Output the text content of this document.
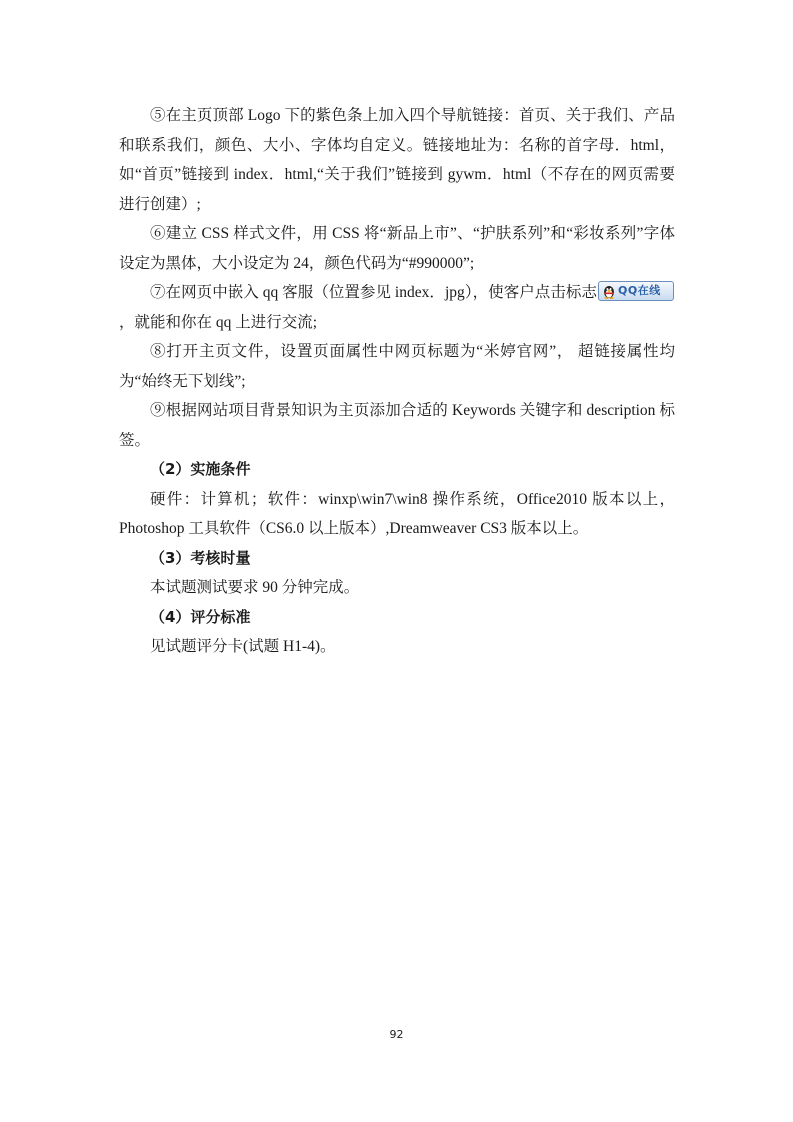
⑤在主页顶部 Logo 下的紫色条上加入四个导航链接：首页、关于我们、产品和联系我们，颜色、大小、字体均自定义。链接地址为：名称的首字母．html，如“首页”链接到 index．html,“关于我们”链接到 gywm．html（不存在的网页需要进行创建）;

⑥建立 CSS 样式文件，用 CSS 将“新品上市”、“护肤系列”和“彩妆系列”字体设定为黑体，大小设定为 24，颜色代码为“#990000”;

⑦在网页中嵌入 qq 客服（位置参见 index．jpg），使客户点击标志 QQ在线
，就能和你在 qq 上进行交流;

⑧打开主页文件，设置页面属性中网页标题为“米婷官网”， 超链接属性均为“始终无下划线”;

⑨根据网站项目背景知识为主页添加合适的 Keywords 关键字和 description 标签。

（2）实施条件

硬件：计算机；软件：winxp\win7\win8 操作系统，Office2010 版本以上，Photoshop 工具软件（CS6.0 以上版本）,Dreamweaver CS3 版本以上。

（3）考核时量

本试题测试要求 90 分钟完成。

（4）评分标准

见试题评分卡(试题 H1-4)。

92
